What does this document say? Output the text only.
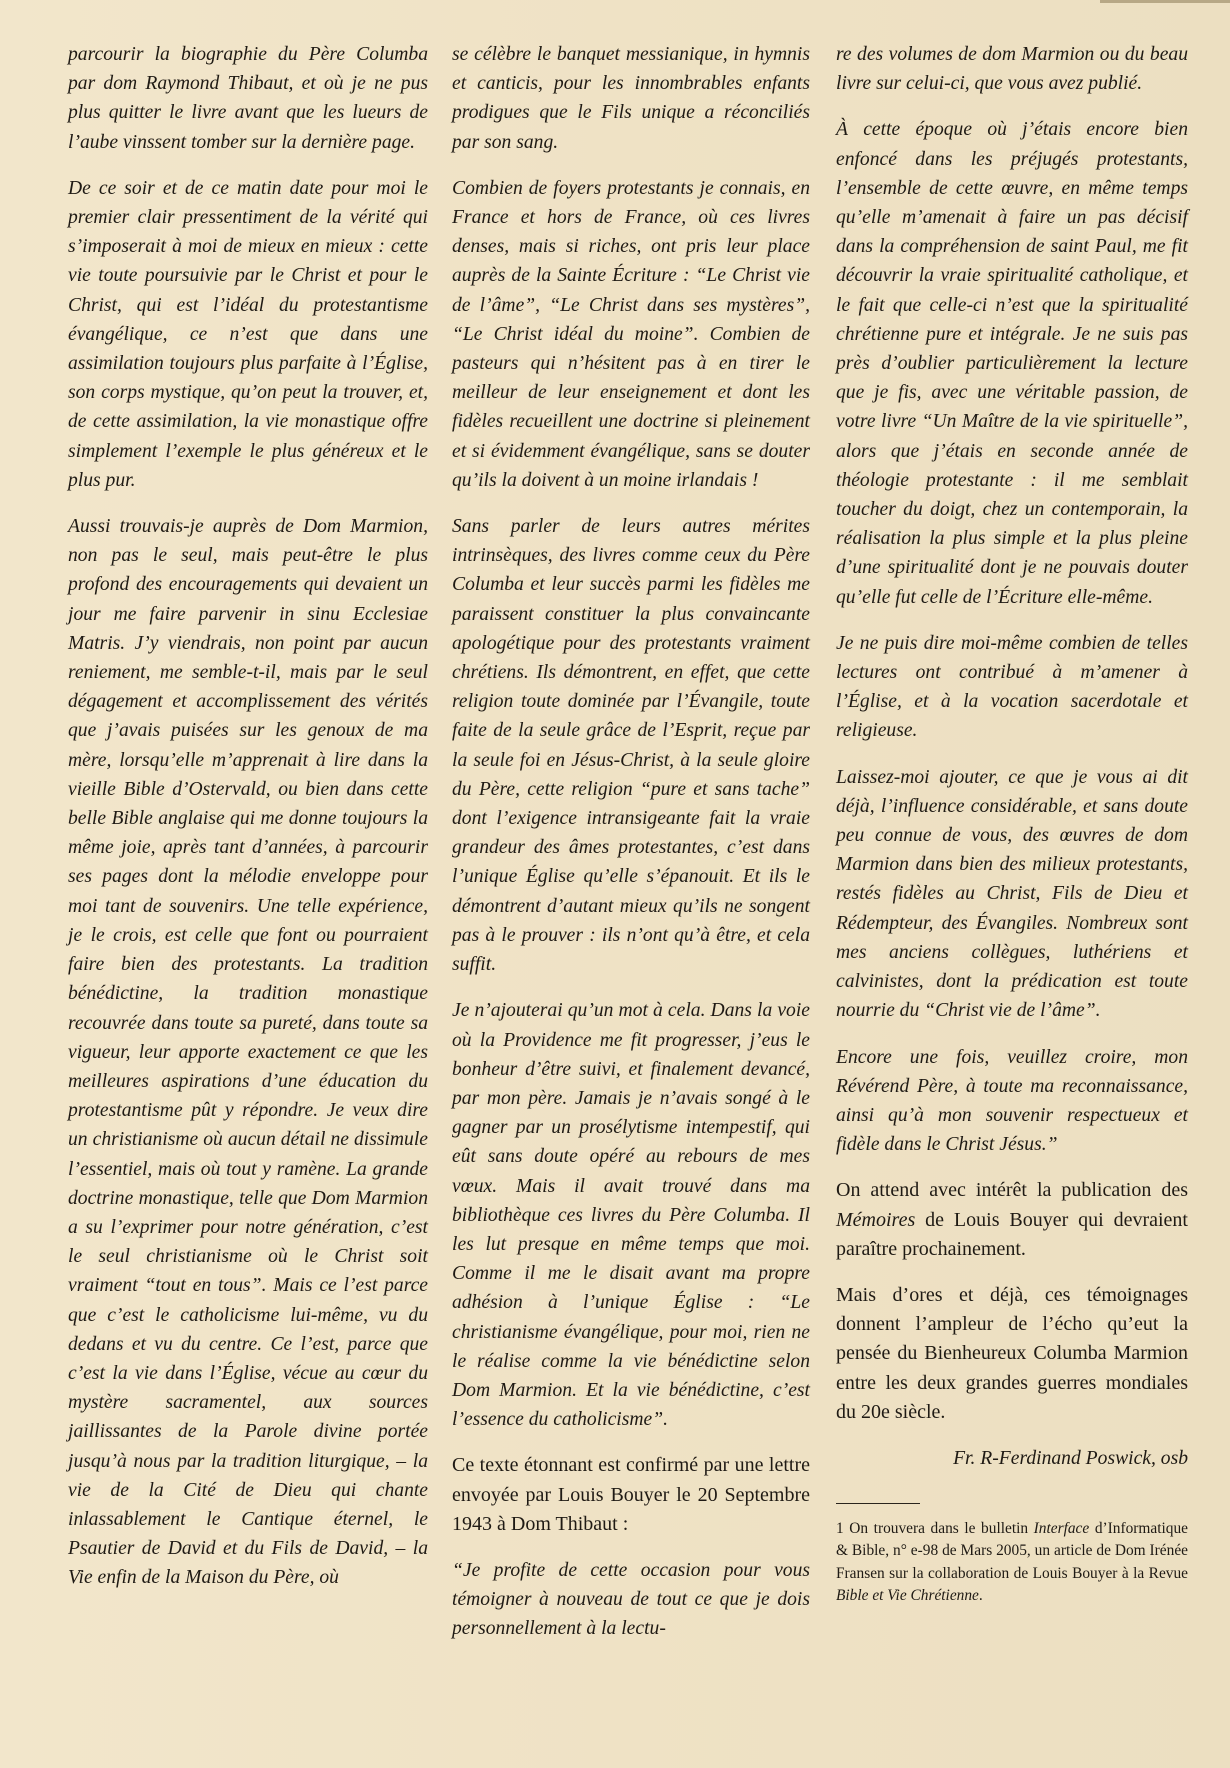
parcourir la biographie du Père Columba par dom Raymond Thibaut, et où je ne pus plus quitter le livre avant que les lueurs de l’aube vinssent tomber sur la dernière page.

De ce soir et de ce matin date pour moi le premier clair pressentiment de la vérité qui s’imposerait à moi de mieux en mieux : cette vie toute poursuivie par le Christ et pour le Christ, qui est l’idéal du protestantisme évangélique, ce n’est que dans une assimilation toujours plus parfaite à l’Église, son corps mystique, qu’on peut la trouver, et, de cette assimilation, la vie monastique offre simplement l’exemple le plus généreux et le plus pur.

Aussi trouvais-je auprès de Dom Marmion, non pas le seul, mais peut-être le plus profond des encouragements qui devaient un jour me faire parvenir in sinu Ecclesiae Matris. J’y viendrais, non point par aucun reniement, me semble-t-il, mais par le seul dégagement et accomplissement des vérités que j’avais puisées sur les genoux de ma mère, lorsqu’elle m’apprenait à lire dans la vieille Bible d’Ostervald, ou bien dans cette belle Bible anglaise qui me donne toujours la même joie, après tant d’années, à parcourir ses pages dont la mélodie enveloppe pour moi tant de souvenirs. Une telle expérience, je le crois, est celle que font ou pourraient faire bien des protestants. La tradition bénédictine, la tradition monastique recouvrée dans toute sa pureté, dans toute sa vigueur, leur apporte exactement ce que les meilleures aspirations d’une éducation du protestantisme pût y répondre. Je veux dire un christianisme où aucun détail ne dissimule l’essentiel, mais où tout y ramène. La grande doctrine monastique, telle que Dom Marmion a su l’exprimer pour notre génération, c’est le seul christianisme où le Christ soit vraiment “tout en tous”. Mais ce l’est parce que c’est le catholicisme lui-même, vu du dedans et vu du centre. Ce l’est, parce que c’est la vie dans l’Église, vécue au cœur du mystère sacramentel, aux sources jaillissantes de la Parole divine portée jusqu’à nous par la tradition liturgique, – la vie de la Cité de Dieu qui chante inlassablement le Cantique éternel, le Psautier de David et du Fils de David, – la Vie enfin de la Maison du Père, où

se célèbre le banquet messianique, in hymnis et canticis, pour les innombrables enfants prodigues que le Fils unique a réconciliés par son sang.

Combien de foyers protestants je connais, en France et hors de France, où ces livres denses, mais si riches, ont pris leur place auprès de la Sainte Écriture : “Le Christ vie de l’âme”, “Le Christ dans ses mystères”, “Le Christ idéal du moine”. Combien de pasteurs qui n’hésitent pas à en tirer le meilleur de leur enseignement et dont les fidèles recueillent une doctrine si pleinement et si évidemment évangélique, sans se douter qu’ils la doivent à un moine irlandais !

Sans parler de leurs autres mérites intrinsèques, des livres comme ceux du Père Columba et leur succès parmi les fidèles me paraissent constituer la plus convaincante apologétique pour des protestants vraiment chrétiens. Ils démontrent, en effet, que cette religion toute dominée par l’Évangile, toute faite de la seule grâce de l’Esprit, reçue par la seule foi en Jésus-Christ, à la seule gloire du Père, cette religion “pure et sans tache” dont l’exigence intransigeante fait la vraie grandeur des âmes protestantes, c’est dans l’unique Église qu’elle s’épanouit. Et ils le démontrent d’autant mieux qu’ils ne songent pas à le prouver : ils n’ont qu’à être, et cela suffit.

Je n’ajouterai qu’un mot à cela. Dans la voie où la Providence me fit progresser, j’eus le bonheur d’être suivi, et finalement devancé, par mon père. Jamais je n’avais songé à le gagner par un prosélytisme intempestif, qui eût sans doute opéré au rebours de mes vœux. Mais il avait trouvé dans ma bibliothèque ces livres du Père Columba. Il les lut presque en même temps que moi. Comme il me le disait avant ma propre adhésion à l’unique Église : “Le christianisme évangélique, pour moi, rien ne le réalise comme la vie bénédictine selon Dom Marmion. Et la vie bénédictine, c’est l’essence du catholicisme”.

Ce texte étonnant est confirmé par une lettre envoyée par Louis Bouyer le 20 Septembre 1943 à Dom Thibaut :

“Je profite de cette occasion pour vous témoigner à nouveau de tout ce que je dois personnellement à la lectu-

re des volumes de dom Marmion ou du beau livre sur celui-ci, que vous avez publié.

À cette époque où j’étais encore bien enfoncé dans les préjugés protestants, l’ensemble de cette œuvre, en même temps qu’elle m’amenait à faire un pas décisif dans la compréhension de saint Paul, me fit découvrir la vraie spiritualité catholique, et le fait que celle-ci n’est que la spiritualité chrétienne pure et intégrale. Je ne suis pas près d’oublier particulièrement la lecture que je fis, avec une véritable passion, de votre livre “Un Maître de la vie spirituelle”, alors que j’étais en seconde année de théologie protestante : il me semblait toucher du doigt, chez un contemporain, la réalisation la plus simple et la plus pleine d’une spiritualité dont je ne pouvais douter qu’elle fut celle de l’Écriture elle-même.

Je ne puis dire moi-même combien de telles lectures ont contribué à m’amener à l’Église, et à la vocation sacerdotale et religieuse.

Laissez-moi ajouter, ce que je vous ai dit déjà, l’influence considérable, et sans doute peu connue de vous, des œuvres de dom Marmion dans bien des milieux protestants, restés fidèles au Christ, Fils de Dieu et Rédempteur, des Évangiles. Nombreux sont mes anciens collègues, luthériens et calvinistes, dont la prédication est toute nourrie du “Christ vie de l’âme”.

Encore une fois, veuillez croire, mon Révérend Père, à toute ma reconnaissance, ainsi qu’à mon souvenir respectueux et fidèle dans le Christ Jésus.”

On attend avec intérêt la publication des Mémoires de Louis Bouyer qui devraient paraître prochainement.

Mais d’ores et déjà, ces témoignages donnent l’ampleur de l’écho qu’eut la pensée du Bienheureux Columba Marmion entre les deux grandes guerres mondiales du 20e siècle.

Fr. R-Ferdinand Poswick, osb

1 On trouvera dans le bulletin Interface d’Informatique & Bible, n° e-98 de Mars 2005, un article de Dom Irénée Fransen sur la collaboration de Louis Bouyer à la Revue Bible et Vie Chrétienne.
